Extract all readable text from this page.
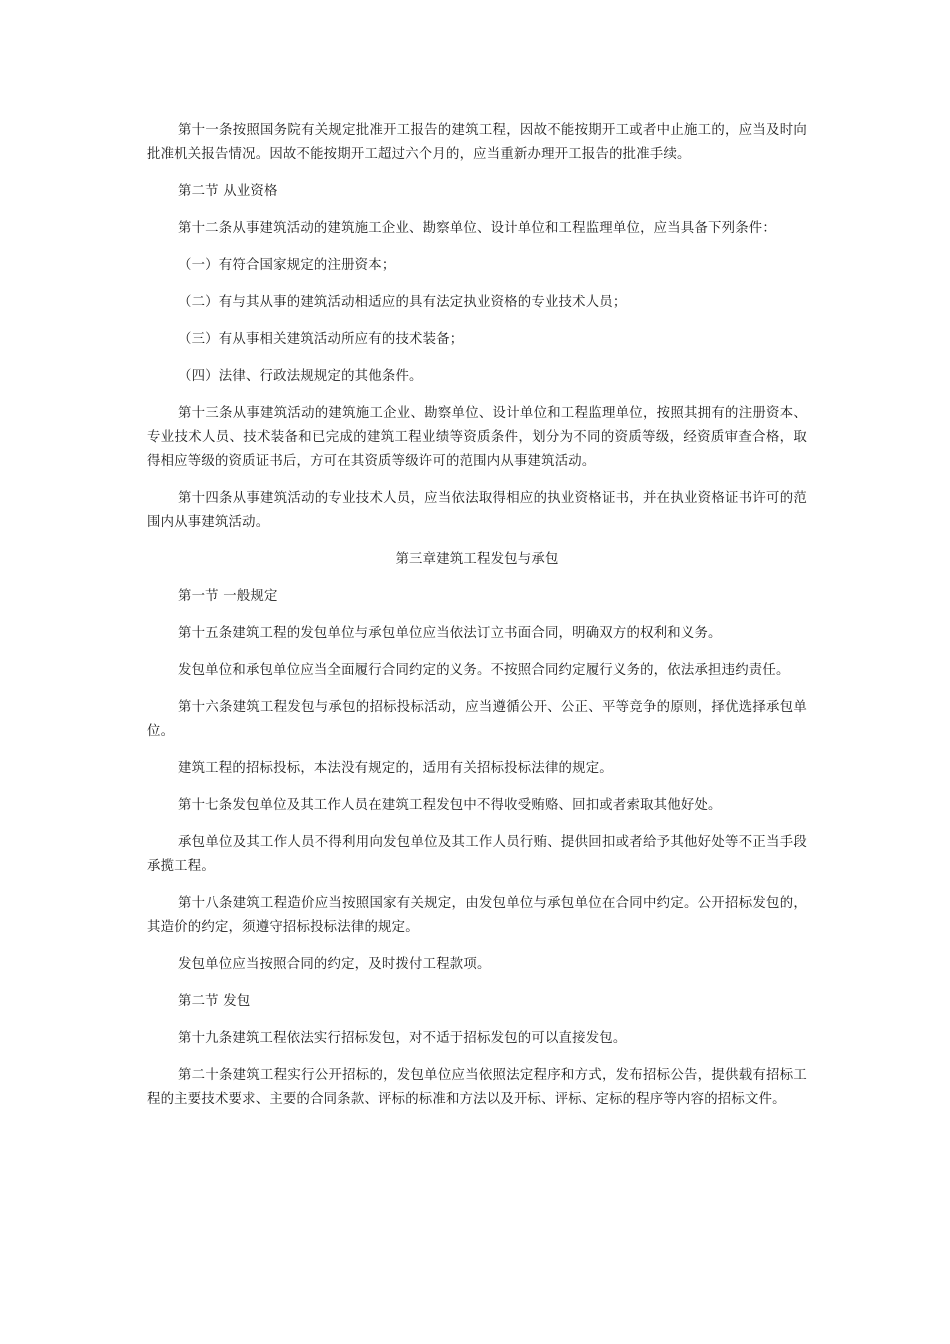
第十一条按照国务院有关规定批准开工报告的建筑工程，因故不能按期开工或者中止施工的，应当及时向批准机关报告情况。因故不能按期开工超过六个月的，应当重新办理开工报告的批准手续。

第二节 从业资格

第十二条从事建筑活动的建筑施工企业、勘察单位、设计单位和工程监理单位，应当具备下列条件：

（一）有符合国家规定的注册资本；

（二）有与其从事的建筑活动相适应的具有法定执业资格的专业技术人员；

（三）有从事相关建筑活动所应有的技术装备；

（四）法律、行政法规规定的其他条件。

第十三条从事建筑活动的建筑施工企业、勘察单位、设计单位和工程监理单位，按照其拥有的注册资本、专业技术人员、技术装备和已完成的建筑工程业绩等资质条件，划分为不同的资质等级，经资质审查合格，取得相应等级的资质证书后，方可在其资质等级许可的范围内从事建筑活动。

第十四条从事建筑活动的专业技术人员，应当依法取得相应的执业资格证书，并在执业资格证书许可的范围内从事建筑活动。

第三章建筑工程发包与承包

第一节 一般规定

第十五条建筑工程的发包单位与承包单位应当依法订立书面合同，明确双方的权利和义务。

发包单位和承包单位应当全面履行合同约定的义务。不按照合同约定履行义务的，依法承担违约责任。

第十六条建筑工程发包与承包的招标投标活动，应当遵循公开、公正、平等竞争的原则，择优选择承包单位。

建筑工程的招标投标，本法没有规定的，适用有关招标投标法律的规定。

第十七条发包单位及其工作人员在建筑工程发包中不得收受贿赂、回扣或者索取其他好处。

承包单位及其工作人员不得利用向发包单位及其工作人员行贿、提供回扣或者给予其他好处等不正当手段承揽工程。

第十八条建筑工程造价应当按照国家有关规定，由发包单位与承包单位在合同中约定。公开招标发包的，其造价的约定，须遵守招标投标法律的规定。

发包单位应当按照合同的约定，及时拨付工程款项。

第二节 发包

第十九条建筑工程依法实行招标发包，对不适于招标发包的可以直接发包。

第二十条建筑工程实行公开招标的，发包单位应当依照法定程序和方式，发布招标公告，提供载有招标工程的主要技术要求、主要的合同条款、评标的标准和方法以及开标、评标、定标的程序等内容的招标文件。
